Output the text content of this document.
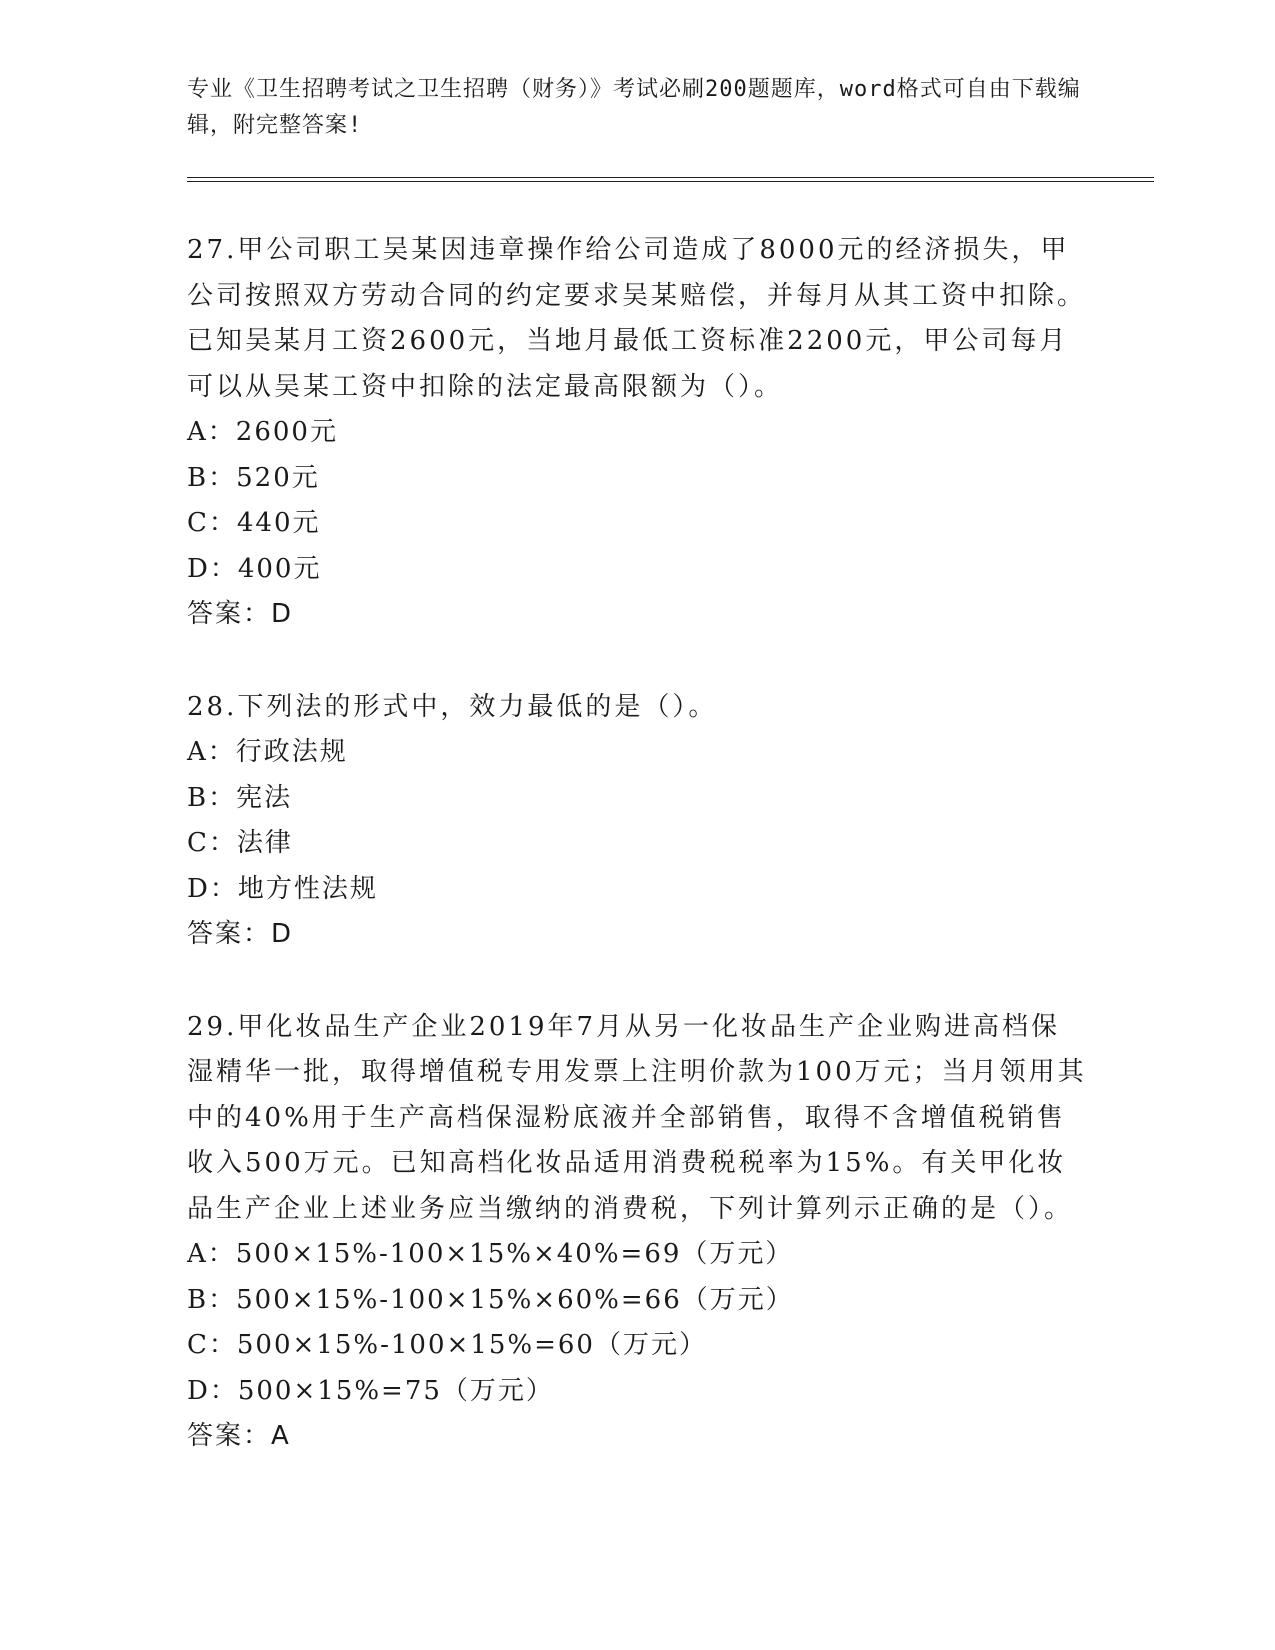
专业《卫生招聘考试之卫生招聘（财务）》考试必刷200题题库，word格式可自由下载编辑，附完整答案!

27.甲公司职工吴某因违章操作给公司造成了8000元的经济损失，甲公司按照双方劳动合同的约定要求吴某赔偿，并每月从其工资中扣除。已知吴某月工资2600元，当地月最低工资标准2200元，甲公司每月可以从吴某工资中扣除的法定最高限额为（）。

A：2600元

B：520元

C：440元

D：400元

答案：D

28.下列法的形式中，效力最低的是（）。

A：行政法规

B：宪法

C：法律

D：地方性法规

答案：D

29.甲化妆品生产企业2019年7月从另一化妆品生产企业购进高档保湿精华一批，取得增值税专用发票上注明价款为100万元；当月领用其中的40%用于生产高档保湿粉底液并全部销售，取得不含增值税销售收入500万元。已知高档化妆品适用消费税税率为15%。有关甲化妆品生产企业上述业务应当缴纳的消费税，下列计算列示正确的是（）。

A：500×15%-100×15%×40%=69（万元）

B：500×15%-100×15%×60%=66（万元）

C：500×15%-100×15%=60（万元）

D：500×15%=75（万元）

答案：A
